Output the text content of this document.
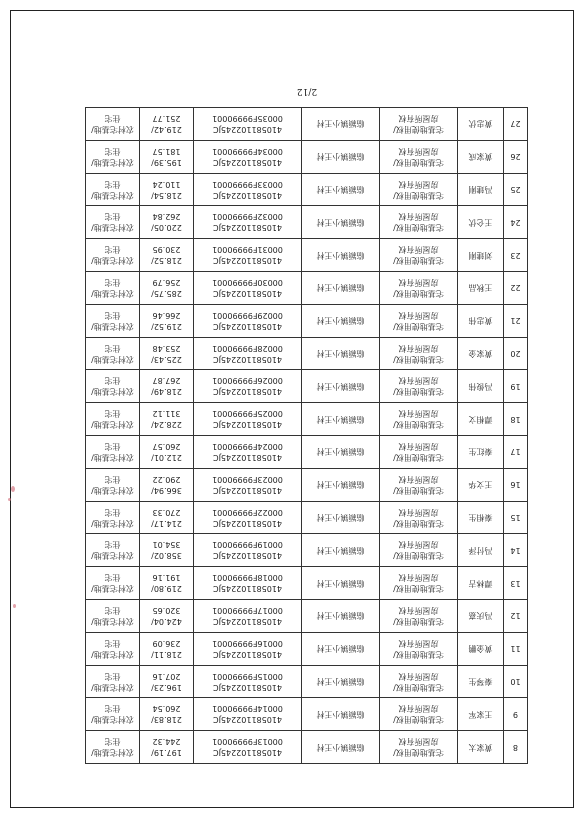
8	黄家太	宅基地使用权/
房屋所有权	临颍镇小王村	410581102245JC
00013F99990001	197.19/
244.32	农村宅基地/
住宅

9	王家军	宅基地使用权/
房屋所有权	临颍镇小王村	410581102245JC
00014F99990001	218.83/
260.54	农村宅基地/
住宅

10	秦琴生	宅基地使用权/
房屋所有权	临颍镇小王村	410581102245JC
00015F99990001	196.23/
207.16	农村宅基地/
住宅

11	黄金鹏	宅基地使用权/
房屋所有权	临颍镇小王村	410581102245JC
00016F99990001	218.11/
236.09	农村宅基地/
住宅

12	冯庆嘉	宅基地使用权/
房屋所有权	临颍镇小王村	410581102245JC
00017F99990001	424.04/
320.65	农村宅基地/
住宅

13	谭林吉	宅基地使用权/
房屋所有权	临颍镇小王村	410581102245JC
00018F99990001	219.80/
191.16	农村宅基地/
住宅

14	冯付泽	宅基地使用权/
房屋所有权	临颍镇小王村	410581102245JC
00019F99990001	358.02/
354.01	农村宅基地/
住宅

15	秦相生	宅基地使用权/
房屋所有权	临颍镇小王村	410581102245JC
00022F99990001	214.17/
270.33	农村宅基地/
住宅

16	王文华	宅基地使用权/
房屋所有权	临颍镇小王村	410581102245JC
00023F99990001	366.94/
290.22	农村宅基地/
住宅

17	秦红生	宅基地使用权/
房屋所有权	临颍镇小王村	410581102245JC
00024F99990001	212.01/
260.57	农村宅基地/
住宅

18	谭相文	宅基地使用权/
房屋所有权	临颍镇小王村	410581102245JC
00025F99990001	228.24/
311.12	农村宅基地/
住宅

19	冯俊伟	宅基地使用权/
房屋所有权	临颍镇小王村	410581102245JC
00026F99990001	218.49/
267.87	农村宅基地/
住宅

20	黄家金	宅基地使用权/
房屋所有权	临颍镇小王村	410581102245JC
00028F99990001	225.43/
253.48	农村宅基地/
住宅

21	黄忠伟	宅基地使用权/
房屋所有权	临颍镇小王村	410581102245JC
00029F99990001	219.52/
266.46	农村宅基地/
住宅

22	王秋品	宅基地使用权/
房屋所有权	临颍镇小王村	410581102245JC
00030F99990001	285.75/
256.79	农村宅基地/
住宅

23	刘建刚	宅基地使用权/
房屋所有权	临颍镇小王村	410581102245JC
00031F99990001	218.52/
230.95	农村宅基地/
住宅

24	王仑伏	宅基地使用权/
房屋所有权	临颍镇小王村	410581102245JC
00032F99990001	220.05/
262.84	农村宅基地/
住宅

25	冯建刚	宅基地使用权/
房屋所有权	临颍镇小王村	410581102245JC
00033F99990001	218.54/
110.24	农村宅基地/
住宅

26	黄家成	宅基地使用权/
房屋所有权	临颍镇小王村	410581102245JC
00034F99990001	195.39/
181.57	农村宅基地/
住宅

27	黄忠伏	宅基地使用权/
房屋所有权	临颍镇小王村	410581102245JC
00035F99990001	219.42/
251.77	农村宅基地/
住宅
2/12
